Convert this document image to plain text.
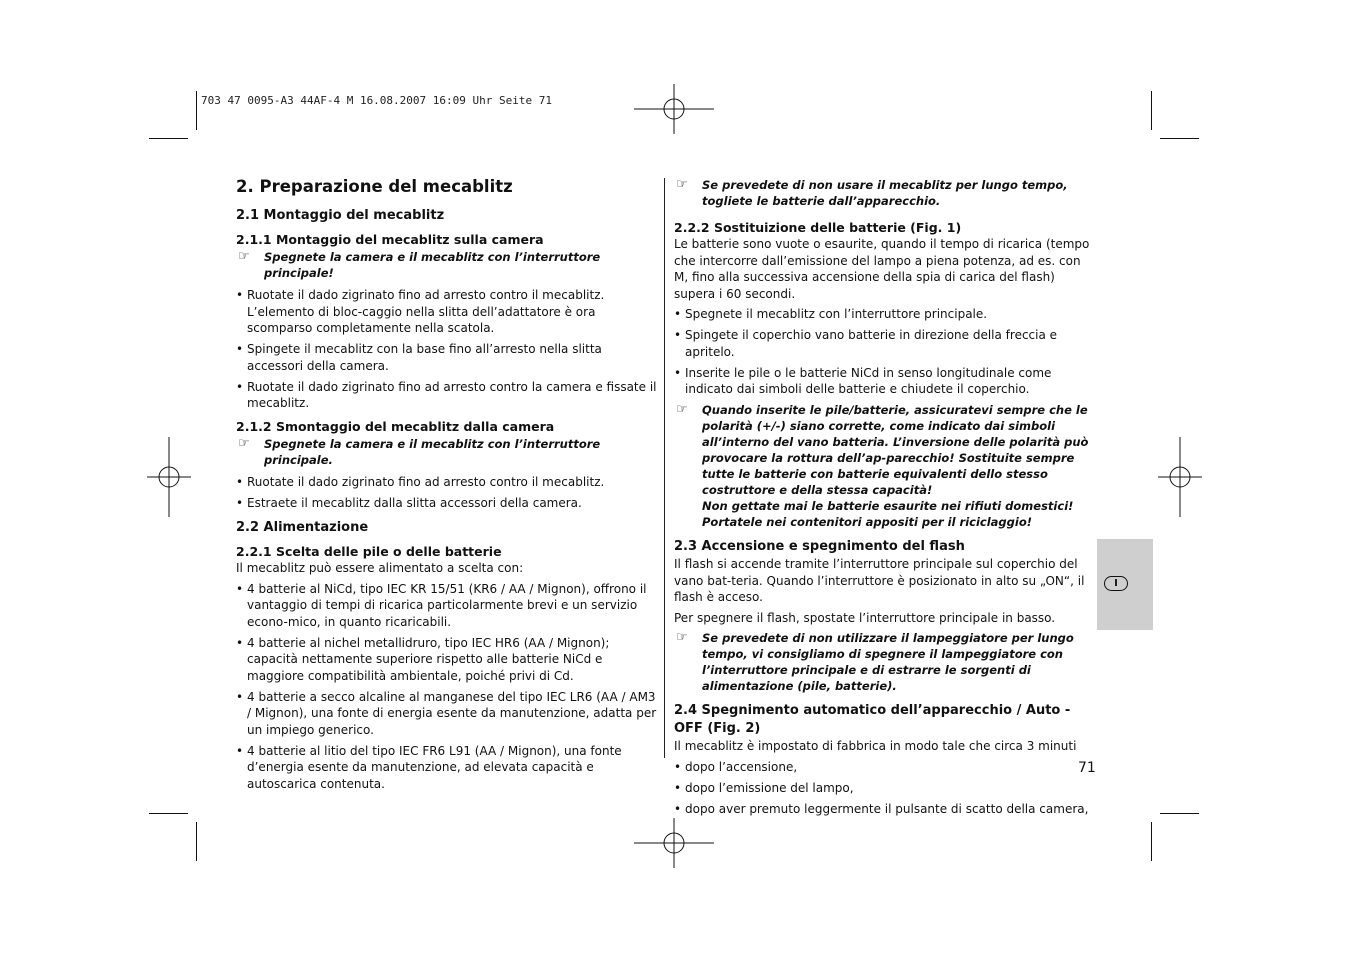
703 47 0095-A3 44AF-4 M 16.08.2007 16:09 Uhr Seite 71
I
2. Preparazione del mecablitz
2.1 Montaggio del mecablitz
2.1.1 Montaggio del mecablitz sulla camera
☞ Spegnete la camera e il mecablitz con l’interruttore principale!
• Ruotate il dado zigrinato fino ad arresto contro il mecablitz. L’elemento di bloc-caggio nella slitta dell’adattatore è ora scomparso completamente nella scatola.
• Spingete il mecablitz con la base fino all’arresto nella slitta accessori della camera.
• Ruotate il dado zigrinato fino ad arresto contro la camera e fissate il mecablitz.
2.1.2 Smontaggio del mecablitz dalla camera
☞ Spegnete la camera e il mecablitz con l’interruttore principale.
• Ruotate il dado zigrinato fino ad arresto contro il mecablitz.
• Estraete il mecablitz dalla slitta accessori della camera.
2.2 Alimentazione
2.2.1 Scelta delle pile o delle batterie
Il mecablitz può essere alimentato a scelta con:
• 4 batterie al NiCd, tipo IEC KR 15/51 (KR6 / AA / Mignon), offrono il vantaggio di tempi di ricarica particolarmente brevi e un servizio econo-mico, in quanto ricaricabili.
• 4 batterie al nichel metallidruro, tipo IEC HR6 (AA / Mignon); capacità nettamente superiore rispetto alle batterie NiCd e maggiore compatibilità ambientale, poiché privi di Cd.
• 4 batterie a secco alcaline al manganese del tipo IEC LR6 (AA / AM3 / Mignon), una fonte di energia esente da manutenzione, adatta per un impiego generico.
• 4 batterie al litio del tipo IEC FR6 L91 (AA / Mignon), una fonte d’energia esente da manutenzione, ad elevata capacità e autoscarica contenuta.
☞ Se prevedete di non usare il mecablitz per lungo tempo, togliete le batterie dall’apparecchio.
2.2.2 Sostituizione delle batterie (Fig. 1)
Le batterie sono vuote o esaurite, quando il tempo di ricarica (tempo che intercorre dall’emissione del lampo a piena potenza, ad es. con M, fino alla successiva accensione della spia di carica del flash) supera i 60 secondi.
• Spegnete il mecablitz con l’interruttore principale.
• Spingete il coperchio vano batterie in direzione della freccia e apritelo.
• Inserite le pile o le batterie NiCd in senso longitudinale come indicato dai simboli delle batterie e chiudete il coperchio.
☞ Quando inserite le pile/batterie, assicuratevi sempre che le polarità (+/-) siano corrette, come indicato dai simboli all’interno del vano batteria. L’inversione delle polarità può provocare la rottura dell’ap-parecchio! Sostituite sempre tutte le batterie con batterie equivalenti dello stesso costruttore e della stessa capacità!
Non gettate mai le batterie esaurite nei rifiuti domestici! Portatele nei contenitori appositi per il riciclaggio!
2.3 Accensione e spegnimento del flash
Il flash si accende tramite l’interruttore principale sul coperchio del vano bat-teria. Quando l’interruttore è posizionato in alto su „ON“, il flash è acceso.
Per spegnere il flash, spostate l’interruttore principale in basso.
☞ Se prevedete di non utilizzare il lampeggiatore per lungo tempo, vi consigliamo di spegnere il lampeggiatore con l’interruttore principale e di estrarre le sorgenti di alimentazione (pile, batterie).
2.4 Spegnimento automatico dell’apparecchio / Auto - OFF (Fig. 2)
Il mecablitz è impostato di fabbrica in modo tale che circa 3 minuti
• dopo l’accensione,
• dopo l’emissione del lampo,
• dopo aver premuto leggermente il pulsante di scatto della camera,
71
